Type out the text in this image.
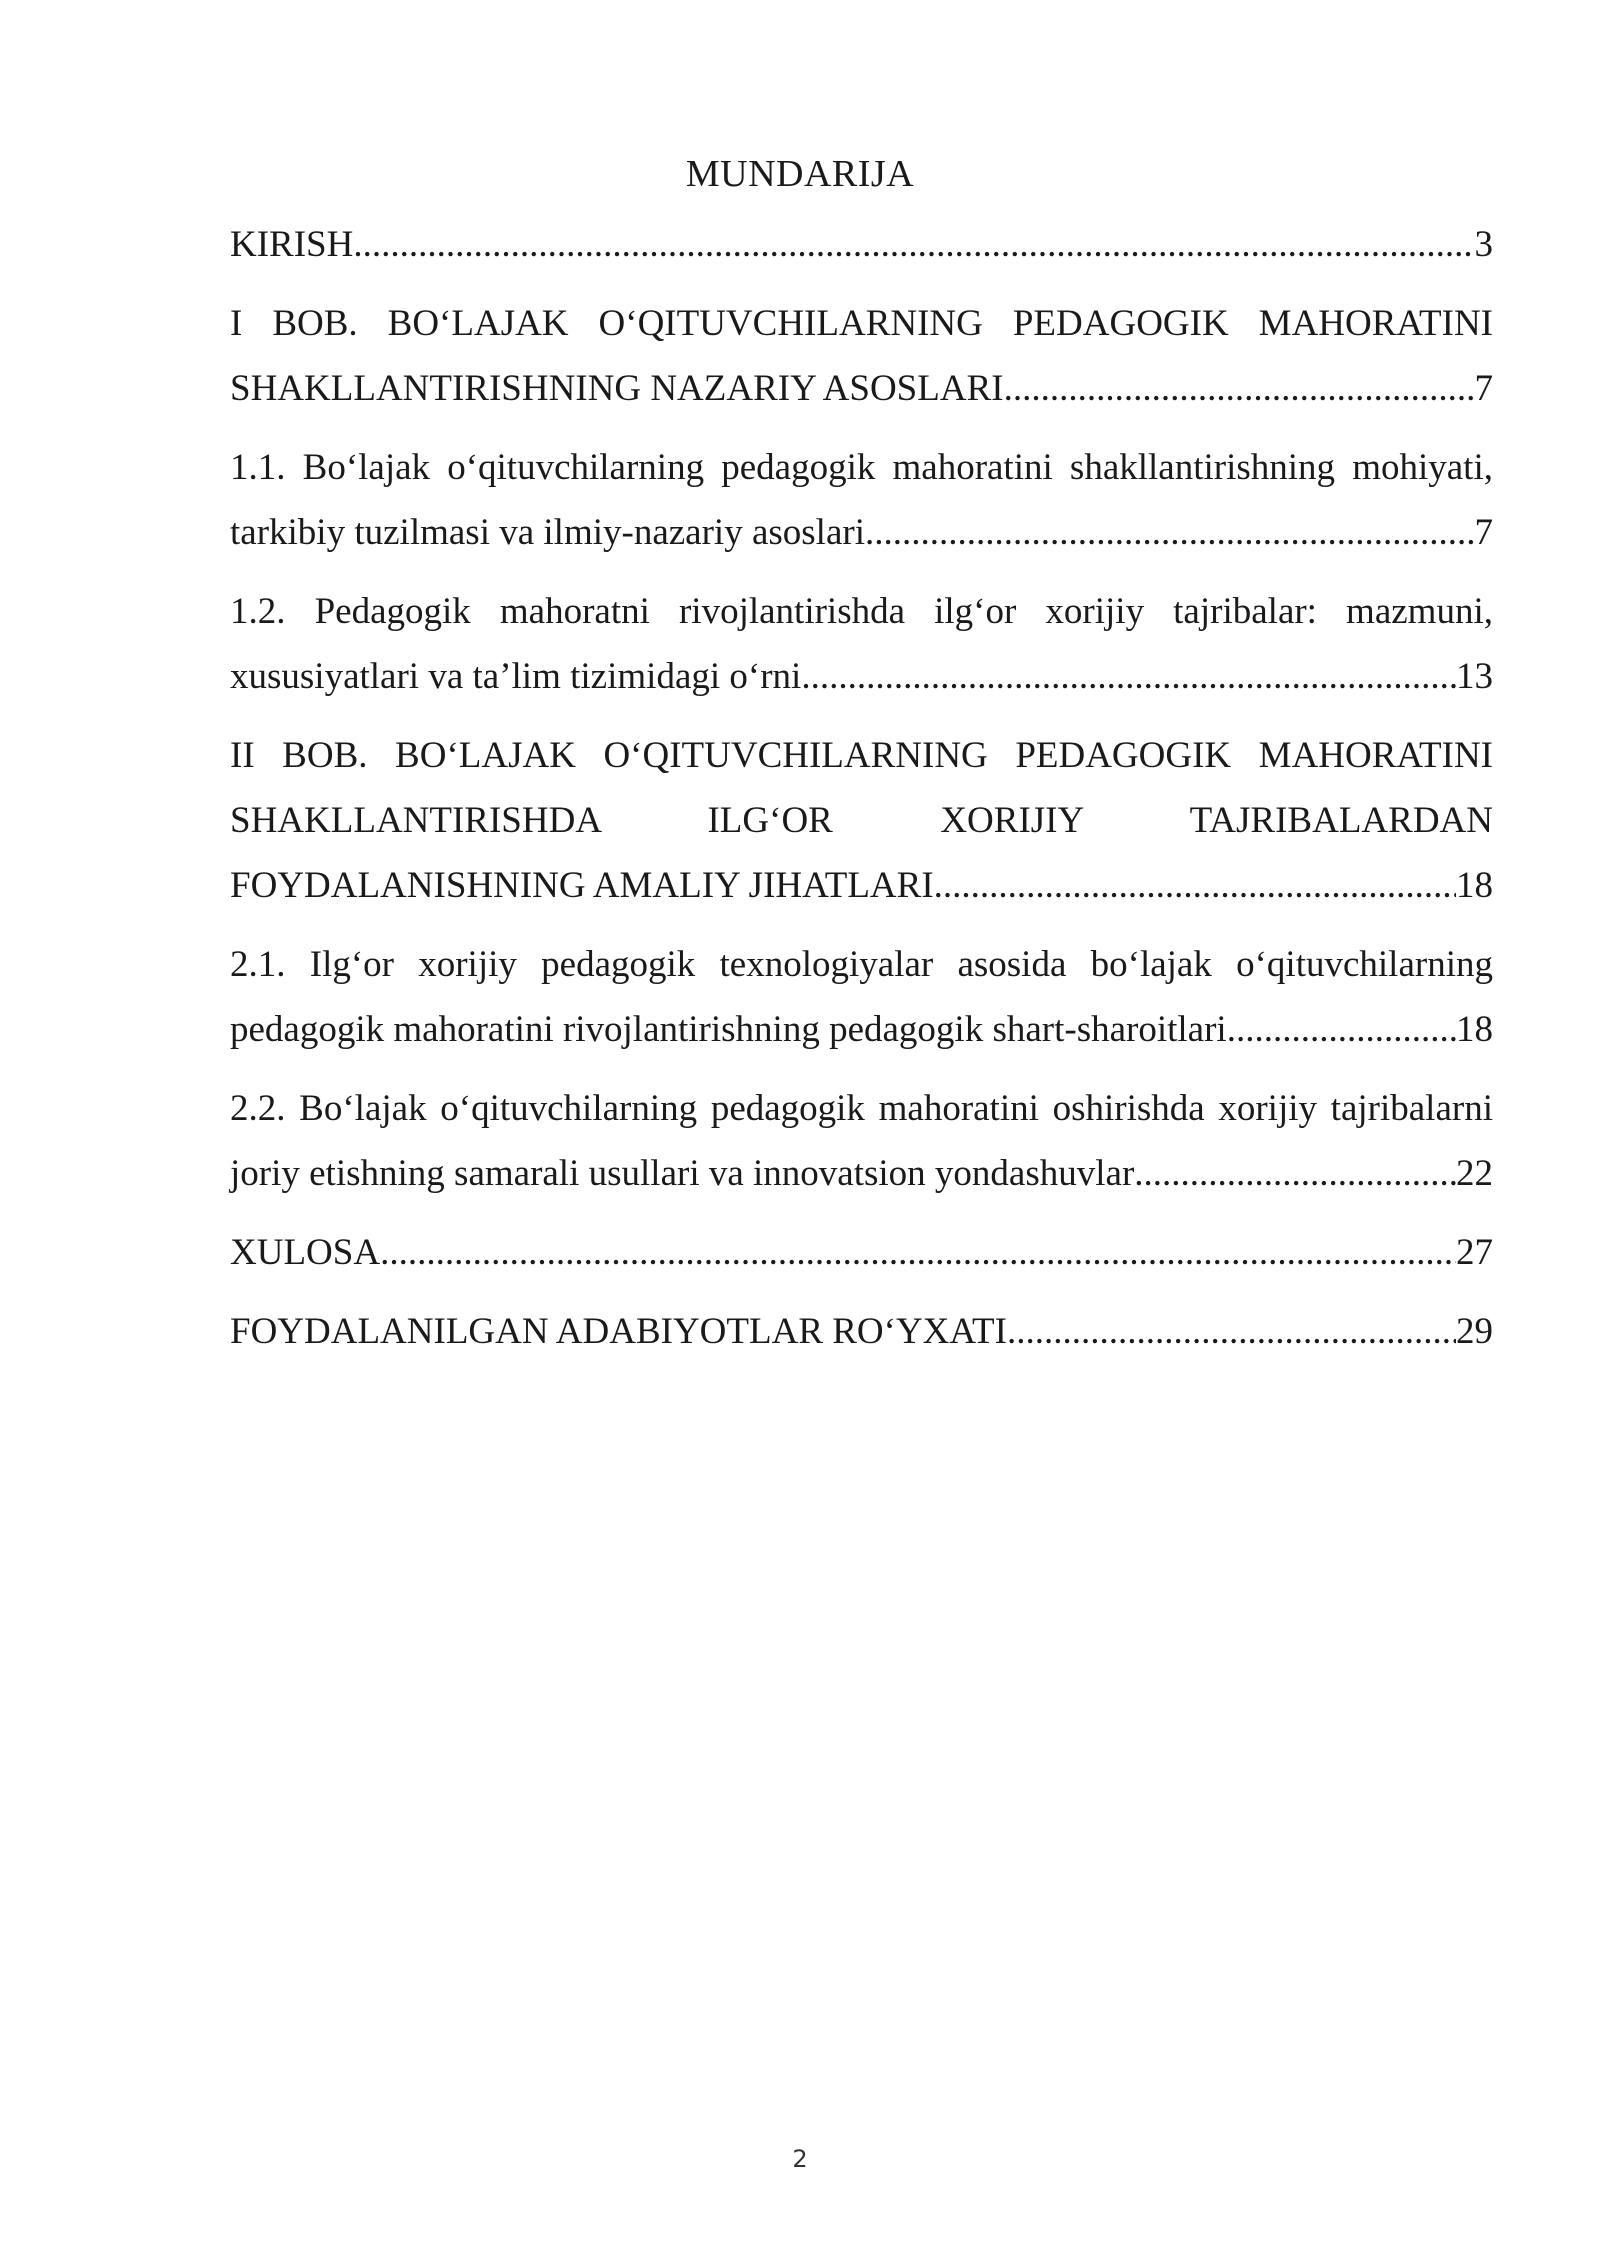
MUNDARIJA
KIRISH .....	3
I BOB. BO‘LAJAK O‘QITUVCHILARNING PEDAGOGIK MAHORATINI
SHAKLLANTIRISHNING NAZARIY ASOSLARI .....	7
1.1. Bo‘lajak o‘qituvchilarning pedagogik mahoratini shakllantirishning mohiyati,
tarkibiy tuzilmasi va ilmiy-nazariy asoslari .....	7
1.2. Pedagogik mahoratni rivojlantirishda ilg‘or xorijiy tajribalar: mazmuni,
xususiyatlari va ta’lim tizimidagi o‘rni .....	13
II BOB. BO‘LAJAK O‘QITUVCHILARNING PEDAGOGIK MAHORATINI
SHAKLLANTIRISHDA ILG‘OR XORIJIY TAJRIBALARDAN
FOYDALANISHNING AMALIY JIHATLARI .....	18
2.1. Ilg‘or xorijiy pedagogik texnologiyalar asosida bo‘lajak o‘qituvchilarning
pedagogik mahoratini rivojlantirishning pedagogik shart-sharoitlari .....	18
2.2. Bo‘lajak o‘qituvchilarning pedagogik mahoratini oshirishda xorijiy tajribalarni
joriy etishning samarali usullari va innovatsion yondashuvlar .....	22
XULOSA .....	27
FOYDALANILGAN ADABIYOTLAR RO‘YXATI .....	29
2
